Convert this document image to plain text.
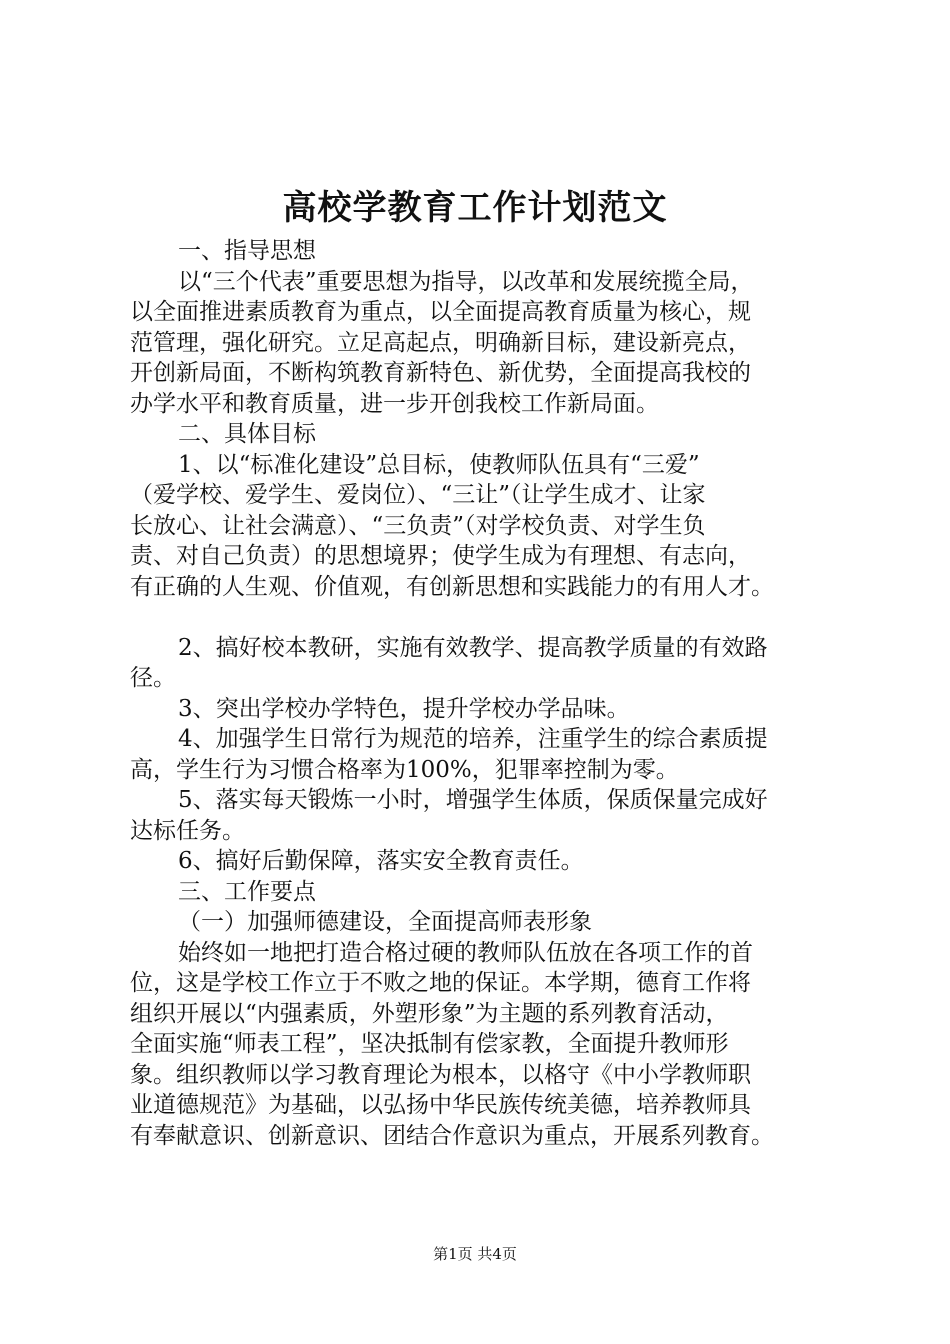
高校学教育工作计划范文
一、指导思想
以“三个代表”重要思想为指导，以改革和发展统揽全局，
以全面推进素质教育为重点，以全面提高教育质量为核心，规
范管理，强化研究。立足高起点，明确新目标，建设新亮点，
开创新局面，不断构筑教育新特色、新优势，全面提高我校的
办学水平和教育质量，进一步开创我校工作新局面。
二、具体目标
1、以“标准化建设”总目标，使教师队伍具有“三爱”
（爱学校、爱学生、爱岗位）、“三让”（让学生成才、让家
长放心、让社会满意）、“三负责”（对学校负责、对学生负
责、对自己负责）的思想境界；使学生成为有理想、有志向，
有正确的人生观、价值观，有创新思想和实践能力的有用人才。
2、搞好校本教研，实施有效教学、提高教学质量的有效路
径。
3、突出学校办学特色，提升学校办学品味。
4、加强学生日常行为规范的培养，注重学生的综合素质提
高，学生行为习惯合格率为100%，犯罪率控制为零。
5、落实每天锻炼一小时，增强学生体质，保质保量完成好
达标任务。
6、搞好后勤保障，落实安全教育责任。
三、工作要点
（一）加强师德建设，全面提高师表形象
始终如一地把打造合格过硬的教师队伍放在各项工作的首
位，这是学校工作立于不败之地的保证。本学期，德育工作将
组织开展以“内强素质，外塑形象”为主题的系列教育活动，
全面实施“师表工程”，坚决抵制有偿家教，全面提升教师形
象。组织教师以学习教育理论为根本，以格守《中小学教师职
业道德规范》为基础，以弘扬中华民族传统美德，培养教师具
有奉献意识、创新意识、团结合作意识为重点，开展系列教育。
第1页 共4页
